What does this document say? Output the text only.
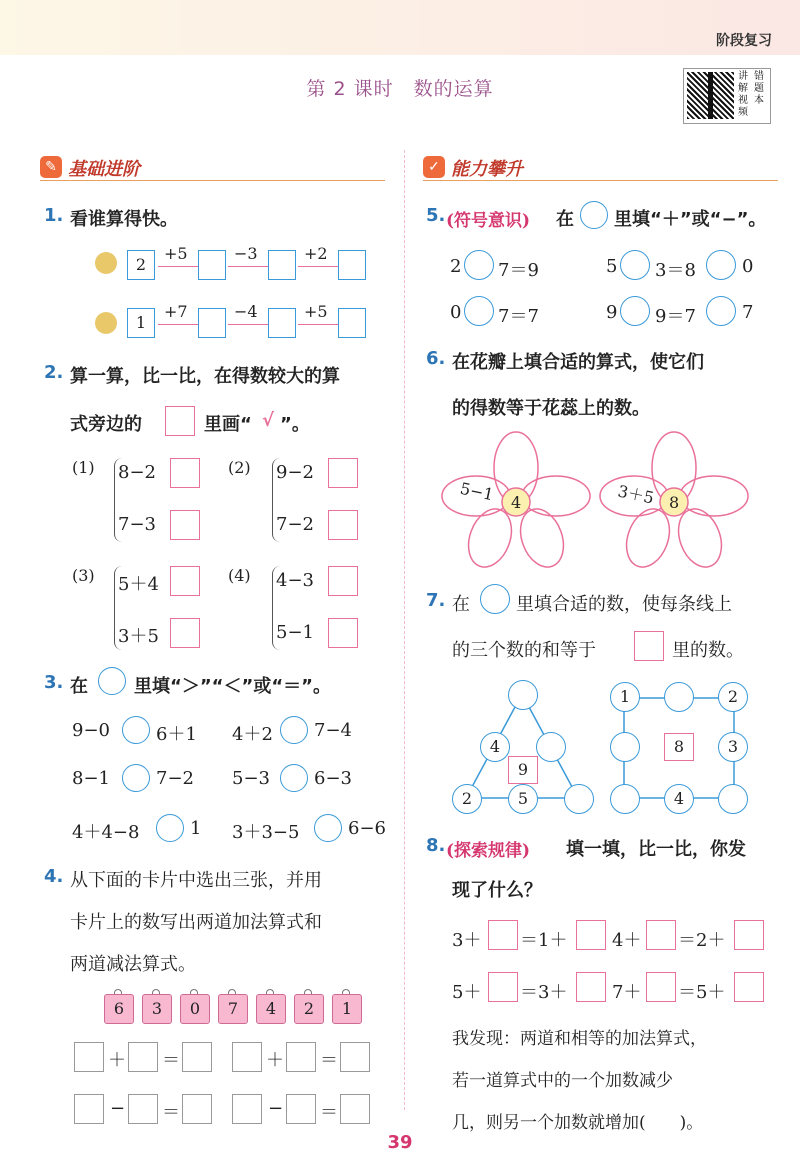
阶段复习
第 2 课时　数的运算
讲
解
视
频
错
题
本
✎ 基础进阶	✓ 能力攀升
1. 看谁算得快。
2
+5	−3	+2
1
+7	−4	+5
2. 算一算，比一比，在得数较大的算
式旁边的	里画“ √ ”。
(1) 8−2
7−3
(2) 9−2
7−2
(3) 5＋4
3＋5
(4) 4−3
5−1
3. 在	里填“＞”“＜”或“＝”。
9−0	6＋1 4＋2 7−4
8−1	7−2 5−3 6−3
4＋4−8	1 3＋3−5	6−6
4. 从下面的卡片中选出三张，并用
卡片上的数写出两道加法算式和
两道减法算式。
6	3	0	7	4	2	1
＋ ＝	＋ ＝
− ＝	− ＝
5. (符号意识) 在 里填“＋”或“−”。
2 7＝9	5 3＝8	0
0 7＝7	9 9＝7	7
6. 在花瓣上填合适的算式，使它们
的得数等于花蕊上的数。
5−1 4	3＋5 8
7. 在	里填合适的数，使每条线上
的三个数的和等于	里的数。
4
9
2	5
1	2
8	3
4
8. (探索规律) 填一填，比一比，你发
现了什么？
3＋ ＝1＋ 4＋ ＝2＋
5＋ ＝3＋ 7＋ ＝5＋
我发现：两道和相等的加法算式，
若一道算式中的一个加数减少
几，则另一个加数就增加(　　)。
39
